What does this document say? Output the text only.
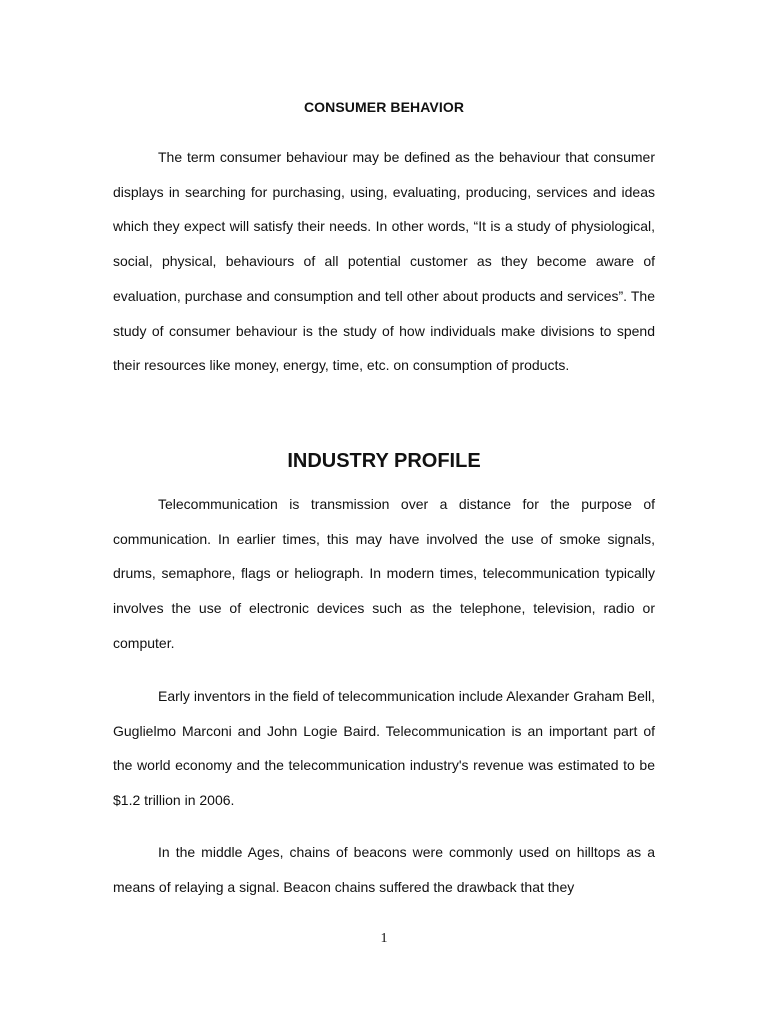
CONSUMER BEHAVIOR

The term consumer behaviour may be defined as the behaviour that consumer displays in searching for purchasing, using, evaluating, producing, services and ideas which they expect will satisfy their needs. In other words, “It is a study of physiological, social, physical, behaviours of all potential customer as they become aware of evaluation, purchase and consumption and tell other about products and services”. The study of consumer behaviour is the study of how individuals make divisions to spend their resources like money, energy, time, etc. on consumption of products.

INDUSTRY PROFILE

Telecommunication is transmission over a distance for the purpose of communication. In earlier times, this may have involved the use of smoke signals, drums, semaphore, flags or heliograph. In modern times, telecommunication typically involves the use of electronic devices such as the telephone, television, radio or computer.

Early inventors in the field of telecommunication include Alexander Graham Bell, Guglielmo Marconi and John Logie Baird. Telecommunication is an important part of the world economy and the telecommunication industry's revenue was estimated to be $1.2 trillion in 2006.

In the middle Ages, chains of beacons were commonly used on hilltops as a means of relaying a signal. Beacon chains suffered the drawback that they

1
